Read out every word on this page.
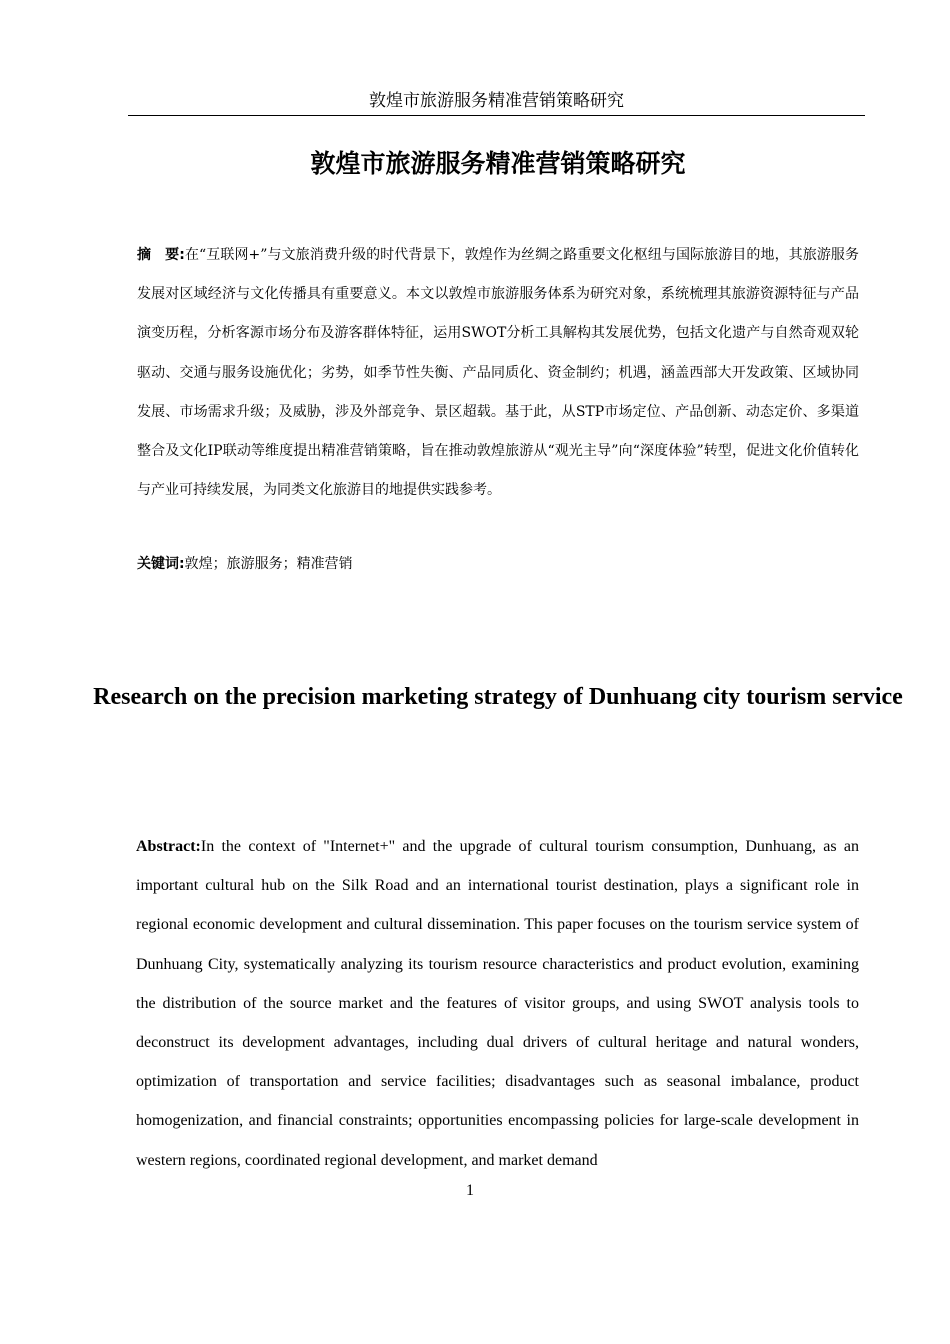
敦煌市旅游服务精准营销策略研究
敦煌市旅游服务精准营销策略研究

摘　要:在“互联网+”与文旅消费升级的时代背景下，敦煌作为丝绸之路重要文化枢纽与国际旅游目的地，其旅游服务发展对区域经济与文化传播具有重要意义。本文以敦煌市旅游服务体系为研究对象，系统梳理其旅游资源特征与产品演变历程，分析客源市场分布及游客群体特征，运用SWOT分析工具解构其发展优势，包括文化遗产与自然奇观双轮驱动、交通与服务设施优化；劣势，如季节性失衡、产品同质化、资金制约；机遇，涵盖西部大开发政策、区域协同发展、市场需求升级；及威胁，涉及外部竞争、景区超载。基于此，从STP市场定位、产品创新、动态定价、多渠道整合及文化IP联动等维度提出精准营销策略，旨在推动敦煌旅游从“观光主导”向“深度体验”转型，促进文化价值转化与产业可持续发展，为同类文化旅游目的地提供实践参考。

关键词:敦煌；旅游服务；精准营销

Research on the precision marketing strategy of Dunhuang city tourism service

Abstract:In the context of "Internet+" and the upgrade of cultural tourism consumption, Dunhuang, as an important cultural hub on the Silk Road and an international tourist destination, plays a significant role in regional economic development and cultural dissemination. This paper focuses on the tourism service system of Dunhuang City, systematically analyzing its tourism resource characteristics and product evolution, examining the distribution of the source market and the features of visitor groups, and using SWOT analysis tools to deconstruct its development advantages, including dual drivers of cultural heritage and natural wonders, optimization of transportation and service facilities; disadvantages such as seasonal imbalance, product homogenization, and financial constraints; opportunities encompassing policies for large-scale development in western regions, coordinated regional development, and market demand

1
